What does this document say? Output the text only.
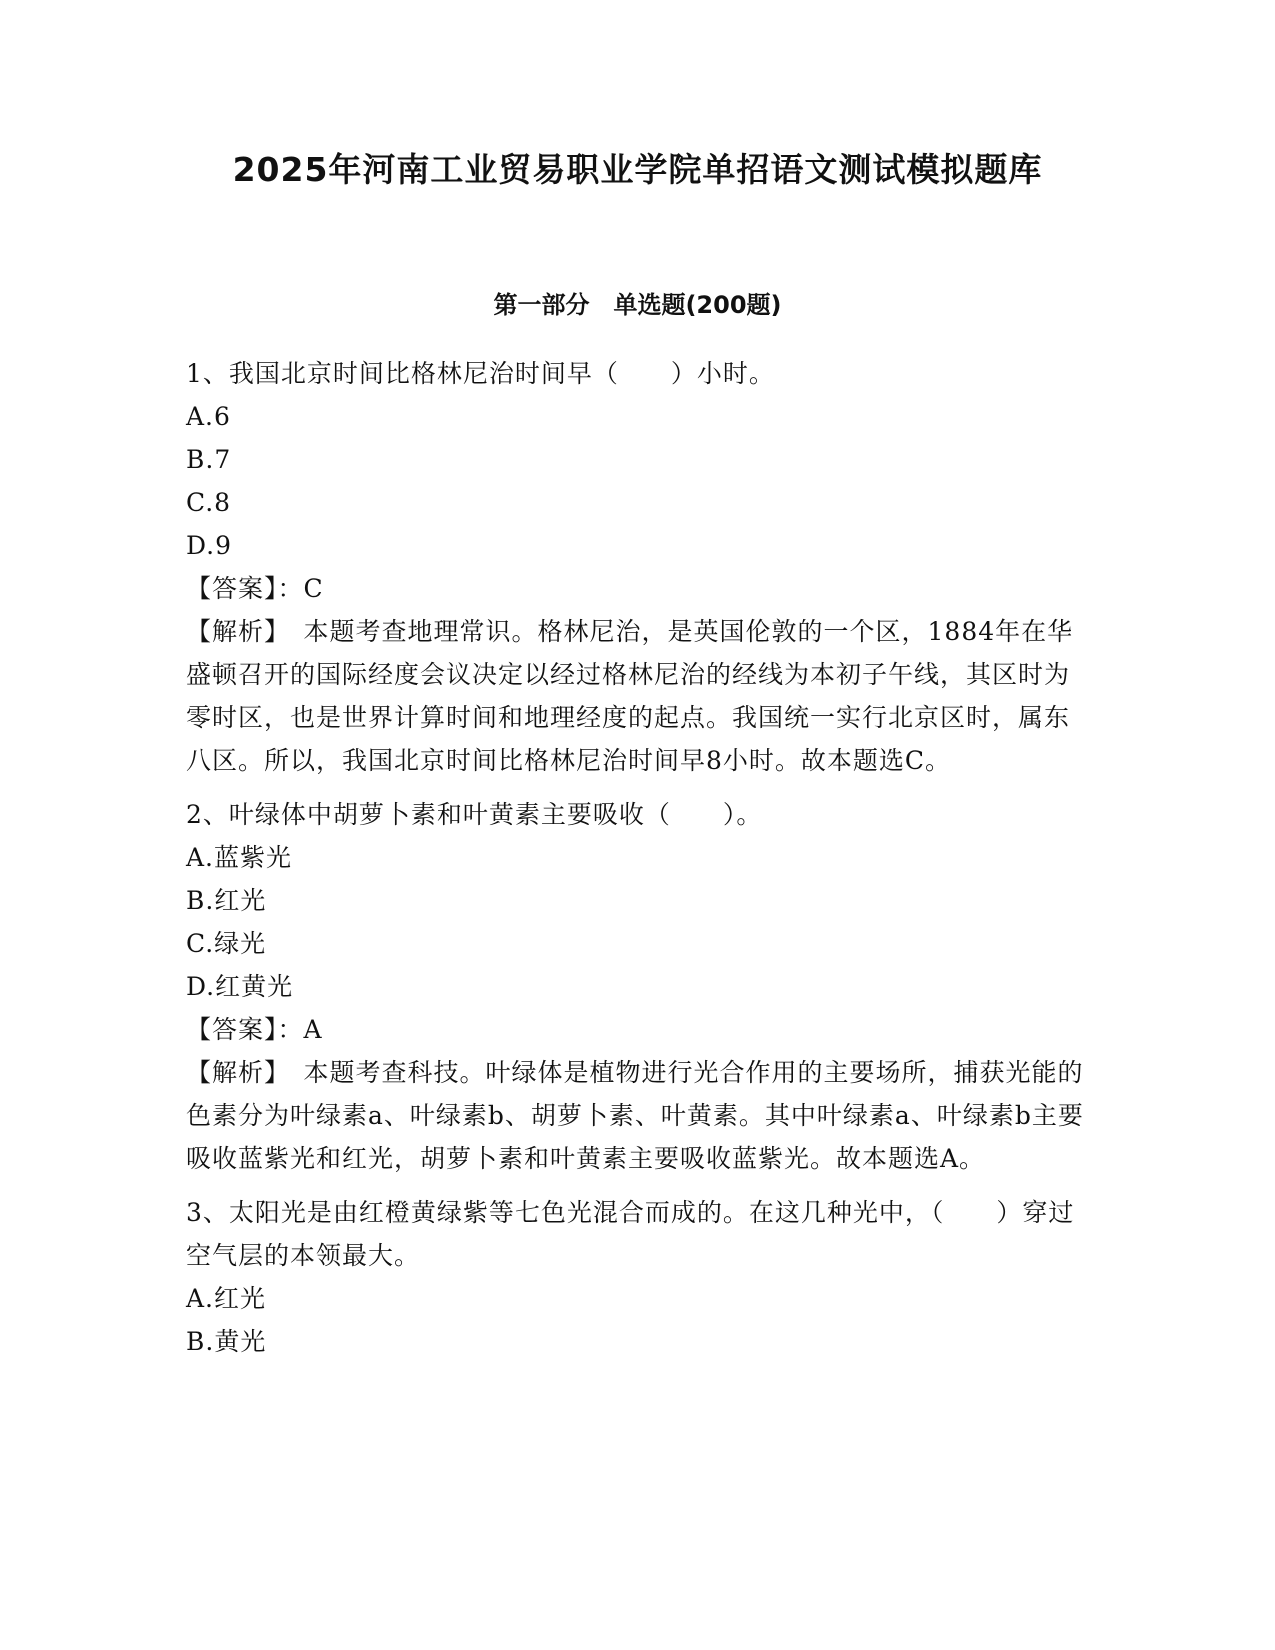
2025年河南工业贸易职业学院单招语文测试模拟题库
第一部分　单选题(200题)
1、我国北京时间比格林尼治时间早（　　）小时。
A.6
B.7
C.8
D.9
【答案】：C
【解析】　本题考查地理常识。格林尼治，是英国伦敦的一个区，1884年在华盛顿召开的国际经度会议决定以经过格林尼治的经线为本初子午线，其区时为零时区，也是世界计算时间和地理经度的起点。我国统一实行北京区时，属东八区。所以，我国北京时间比格林尼治时间早8小时。故本题选C。
2、叶绿体中胡萝卜素和叶黄素主要吸收（　　）。
A.蓝紫光
B.红光
C.绿光
D.红黄光
【答案】：A
【解析】　本题考查科技。叶绿体是植物进行光合作用的主要场所，捕获光能的色素分为叶绿素a、叶绿素b、胡萝卜素、叶黄素。其中叶绿素a、叶绿素b主要吸收蓝紫光和红光，胡萝卜素和叶黄素主要吸收蓝紫光。故本题选A。
3、太阳光是由红橙黄绿紫等七色光混合而成的。在这几种光中，（　　）穿过空气层的本领最大。
A.红光
B.黄光
